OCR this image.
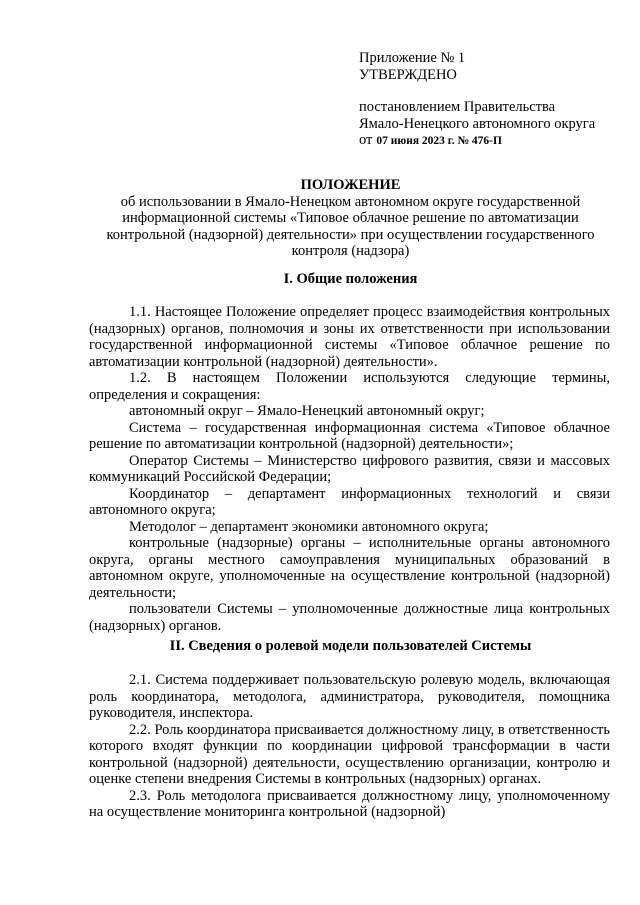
Приложение № 1
УТВЕРЖДЕНО
постановлением Правительства
Ямало-Ненецкого автономного округа
от 07 июня 2023 г. № 476-П
ПОЛОЖЕНИЕ
об использовании в Ямало-Ненецком автономном округе государственной информационной системы «Типовое облачное решение по автоматизации контрольной (надзорной) деятельности» при осуществлении государственного контроля (надзора)
I. Общие положения

1.1. Настоящее Положение определяет процесс взаимодействия контрольных (надзорных) органов, полномочия и зоны их ответственности при использовании государственной информационной системы «Типовое облачное решение по автоматизации контрольной (надзорной) деятельности».

1.2. В настоящем Положении используются следующие термины, определения и сокращения:

автономный округ – Ямало-Ненецкий автономный округ;

Система – государственная информационная система «Типовое облачное решение по автоматизации контрольной (надзорной) деятельности»;

Оператор Системы – Министерство цифрового развития, связи и массовых коммуникаций Российской Федерации;

Координатор – департамент информационных технологий и связи автономного округа;

Методолог – департамент экономики автономного округа;

контрольные (надзорные) органы – исполнительные органы автономного округа, органы местного самоуправления муниципальных образований в автономном округе, уполномоченные на осуществление контрольной (надзорной) деятельности;

пользователи Системы – уполномоченные должностные лица контрольных (надзорных) органов.

II. Сведения о ролевой модели пользователей Системы

2.1. Система поддерживает пользовательскую ролевую модель, включающая роль координатора, методолога, администратора, руководителя, помощника руководителя, инспектора.

2.2. Роль координатора присваивается должностному лицу, в ответственность которого входят функции по координации цифровой трансформации в части контрольной (надзорной) деятельности, осуществлению организации, контролю и оценке степени внедрения Системы в контрольных (надзорных) органах.

2.3. Роль методолога присваивается должностному лицу, уполномоченному на осуществление мониторинга контрольной (надзорной)
